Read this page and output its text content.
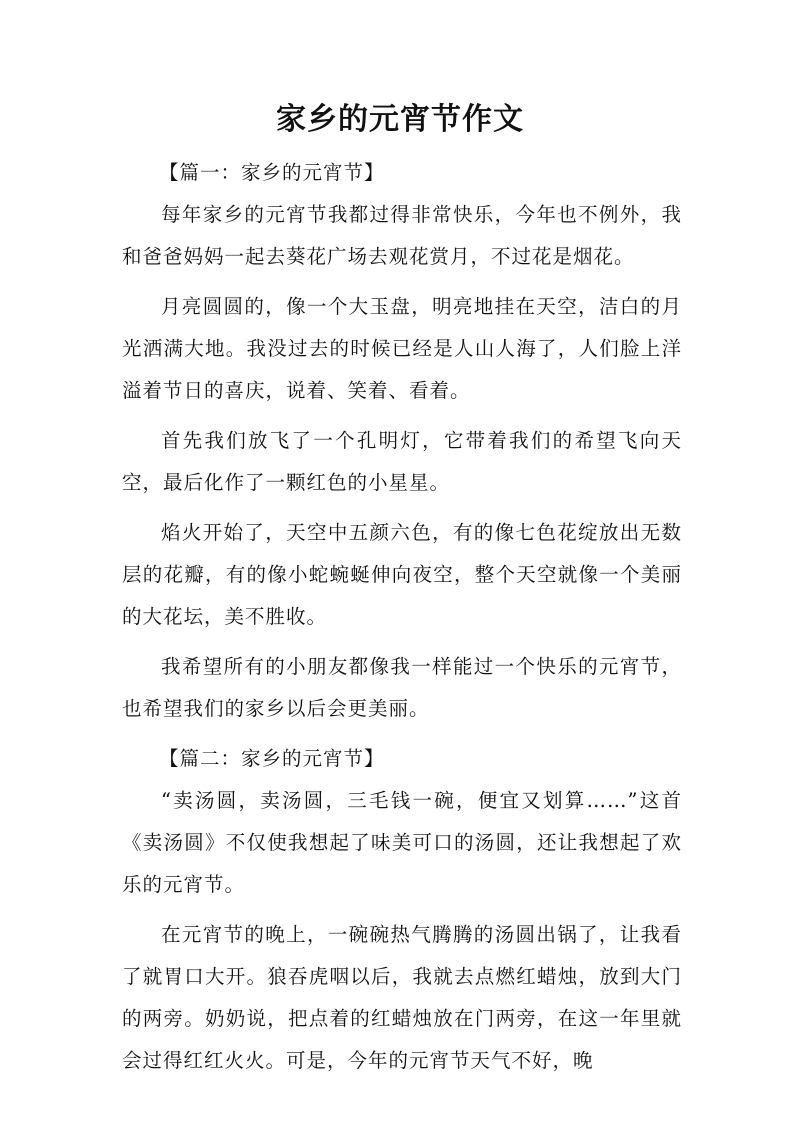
家乡的元宵节作文

【篇一：家乡的元宵节】

每年家乡的元宵节我都过得非常快乐，今年也不例外，我和爸爸妈妈一起去葵花广场去观花赏月，不过花是烟花。

月亮圆圆的，像一个大玉盘，明亮地挂在天空，洁白的月光洒满大地。我没过去的时候已经是人山人海了，人们脸上洋溢着节日的喜庆，说着、笑着、看着。

首先我们放飞了一个孔明灯，它带着我们的希望飞向天空，最后化作了一颗红色的小星星。

焰火开始了，天空中五颜六色，有的像七色花绽放出无数层的花瓣，有的像小蛇蜿蜒伸向夜空，整个天空就像一个美丽的大花坛，美不胜收。

我希望所有的小朋友都像我一样能过一个快乐的元宵节，也希望我们的家乡以后会更美丽。

【篇二：家乡的元宵节】

“卖汤圆，卖汤圆，三毛钱一碗，便宜又划算……”这首《卖汤圆》不仅使我想起了味美可口的汤圆，还让我想起了欢乐的元宵节。

在元宵节的晚上，一碗碗热气腾腾的汤圆出锅了，让我看了就胃口大开。狼吞虎咽以后，我就去点燃红蜡烛，放到大门的两旁。奶奶说，把点着的红蜡烛放在门两旁，在这一年里就会过得红红火火。可是，今年的元宵节天气不好，晚
